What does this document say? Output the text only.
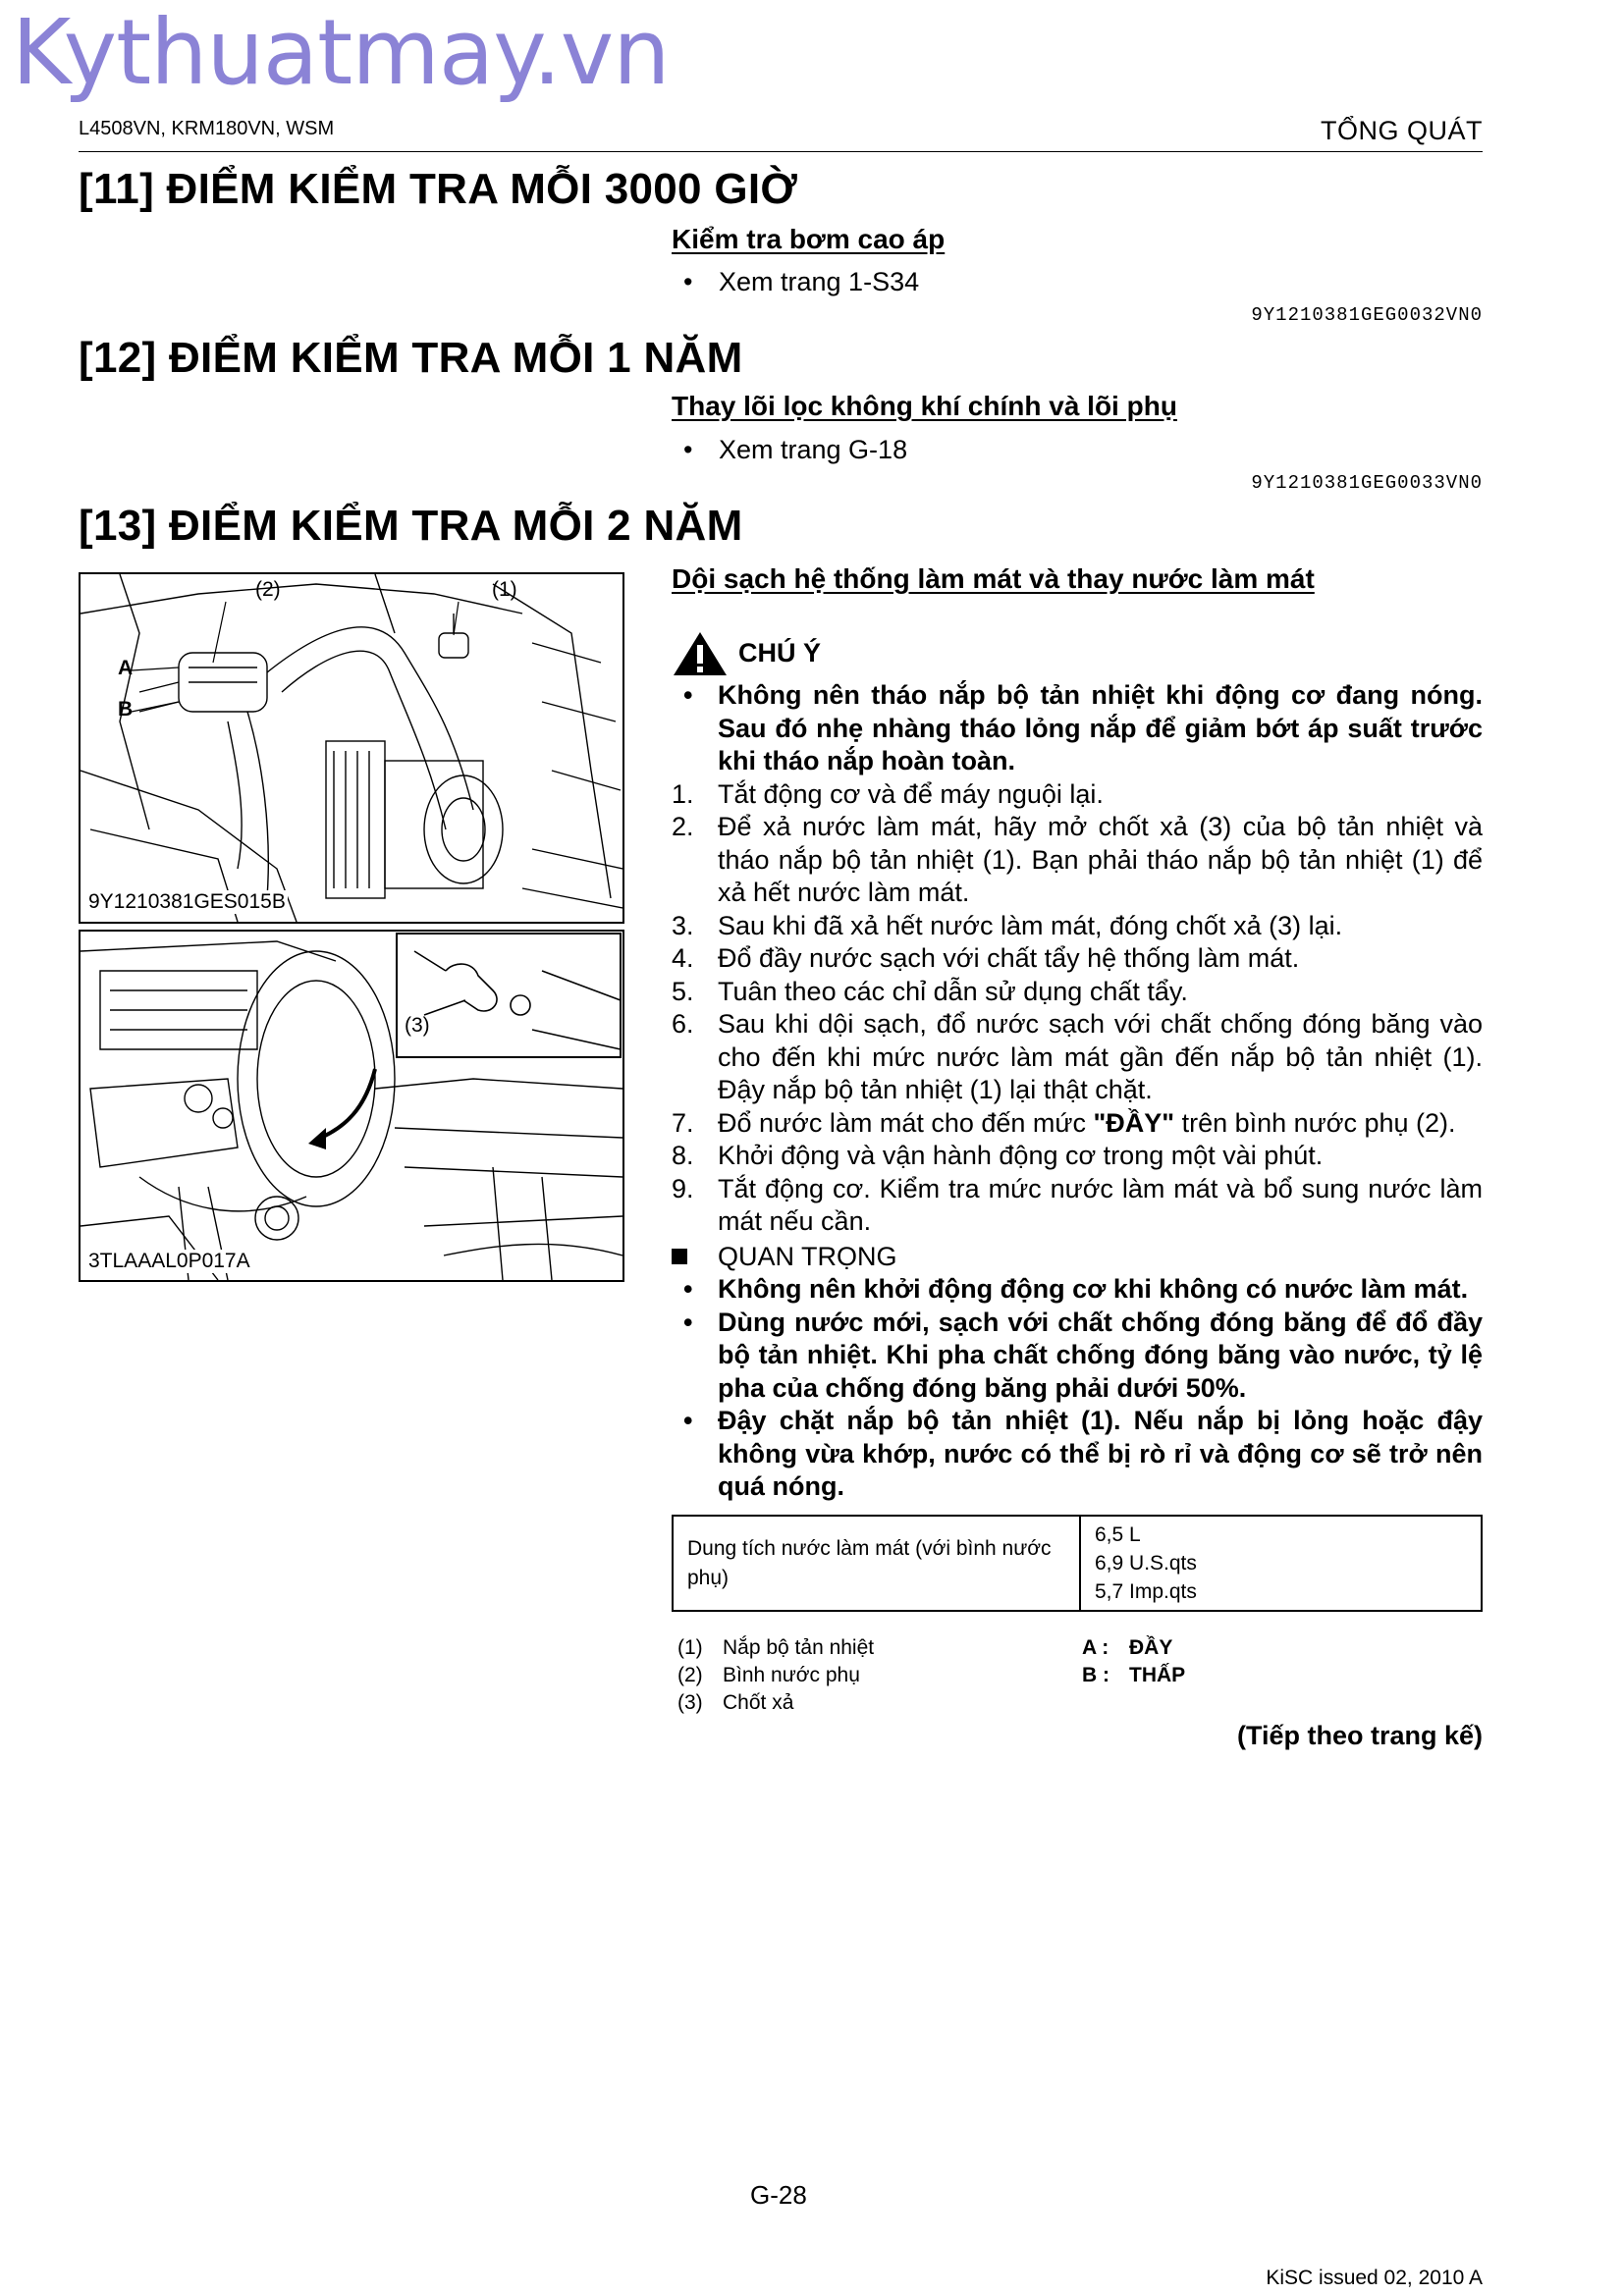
Kythuatmay.vn
L4508VN, KRM180VN, WSM	TỔNG QUÁT
[11] ĐIỂM KIỂM TRA MỖI 3000 GIỜ
Kiểm tra bơm cao áp
• Xem trang 1-S34
9Y1210381GEG0032VN0
[12] ĐIỂM KIỂM TRA MỖI 1 NĂM
Thay lõi lọc không khí chính và lõi phụ
• Xem trang G-18
9Y1210381GEG0033VN0
[13] ĐIỂM KIỂM TRA MỖI 2 NĂM
Dội sạch hệ thống làm mát và thay nước làm mát
(2)	(1)
A
B
9Y1210381GES015B
(3)
3TLAAAL0P017A
CHÚ Ý
• Không nên tháo nắp bộ tản nhiệt khi động cơ đang nóng. Sau đó nhẹ nhàng tháo lỏng nắp để giảm bớt áp suất trước khi tháo nắp hoàn toàn.
1. Tắt động cơ và để máy nguội lại.
2. Để xả nước làm mát, hãy mở chốt xả (3) của bộ tản nhiệt và tháo nắp bộ tản nhiệt (1). Bạn phải tháo nắp bộ tản nhiệt (1) để xả hết nước làm mát.
3. Sau khi đã xả hết nước làm mát, đóng chốt xả (3) lại.
4. Đổ đầy nước sạch với chất tẩy hệ thống làm mát.
5. Tuân theo các chỉ dẫn sử dụng chất tẩy.
6. Sau khi dội sạch, đổ nước sạch với chất chống đóng băng vào cho đến khi mức nước làm mát gần đến nắp bộ tản nhiệt (1). Đậy nắp bộ tản nhiệt (1) lại thật chặt.
7. Đổ nước làm mát cho đến mức "ĐẦY" trên bình nước phụ (2).
8. Khởi động và vận hành động cơ trong một vài phút.
9. Tắt động cơ. Kiểm tra mức nước làm mát và bổ sung nước làm mát nếu cần.
QUAN TRỌNG
• Không nên khởi động động cơ khi không có nước làm mát.
• Dùng nước mới, sạch với chất chống đóng băng để đổ đầy bộ tản nhiệt. Khi pha chất chống đóng băng vào nước, tỷ lệ pha của chống đóng băng phải dưới 50%.
• Đậy chặt nắp bộ tản nhiệt (1). Nếu nắp bị lỏng hoặc đậy không vừa khớp, nước có thể bị rò rỉ và động cơ sẽ trở nên quá nóng.
Dung tích nước làm mát (với bình nước phụ)	
6,5 L
6,9 U.S.qts
5,7 Imp.qts
(1) Nắp bộ tản nhiệt
(2) Bình nước phụ
(3) Chốt xả
A : ĐẦY
B : THẤP
(Tiếp theo trang kế)
G-28
KiSC issued 02, 2010 A
